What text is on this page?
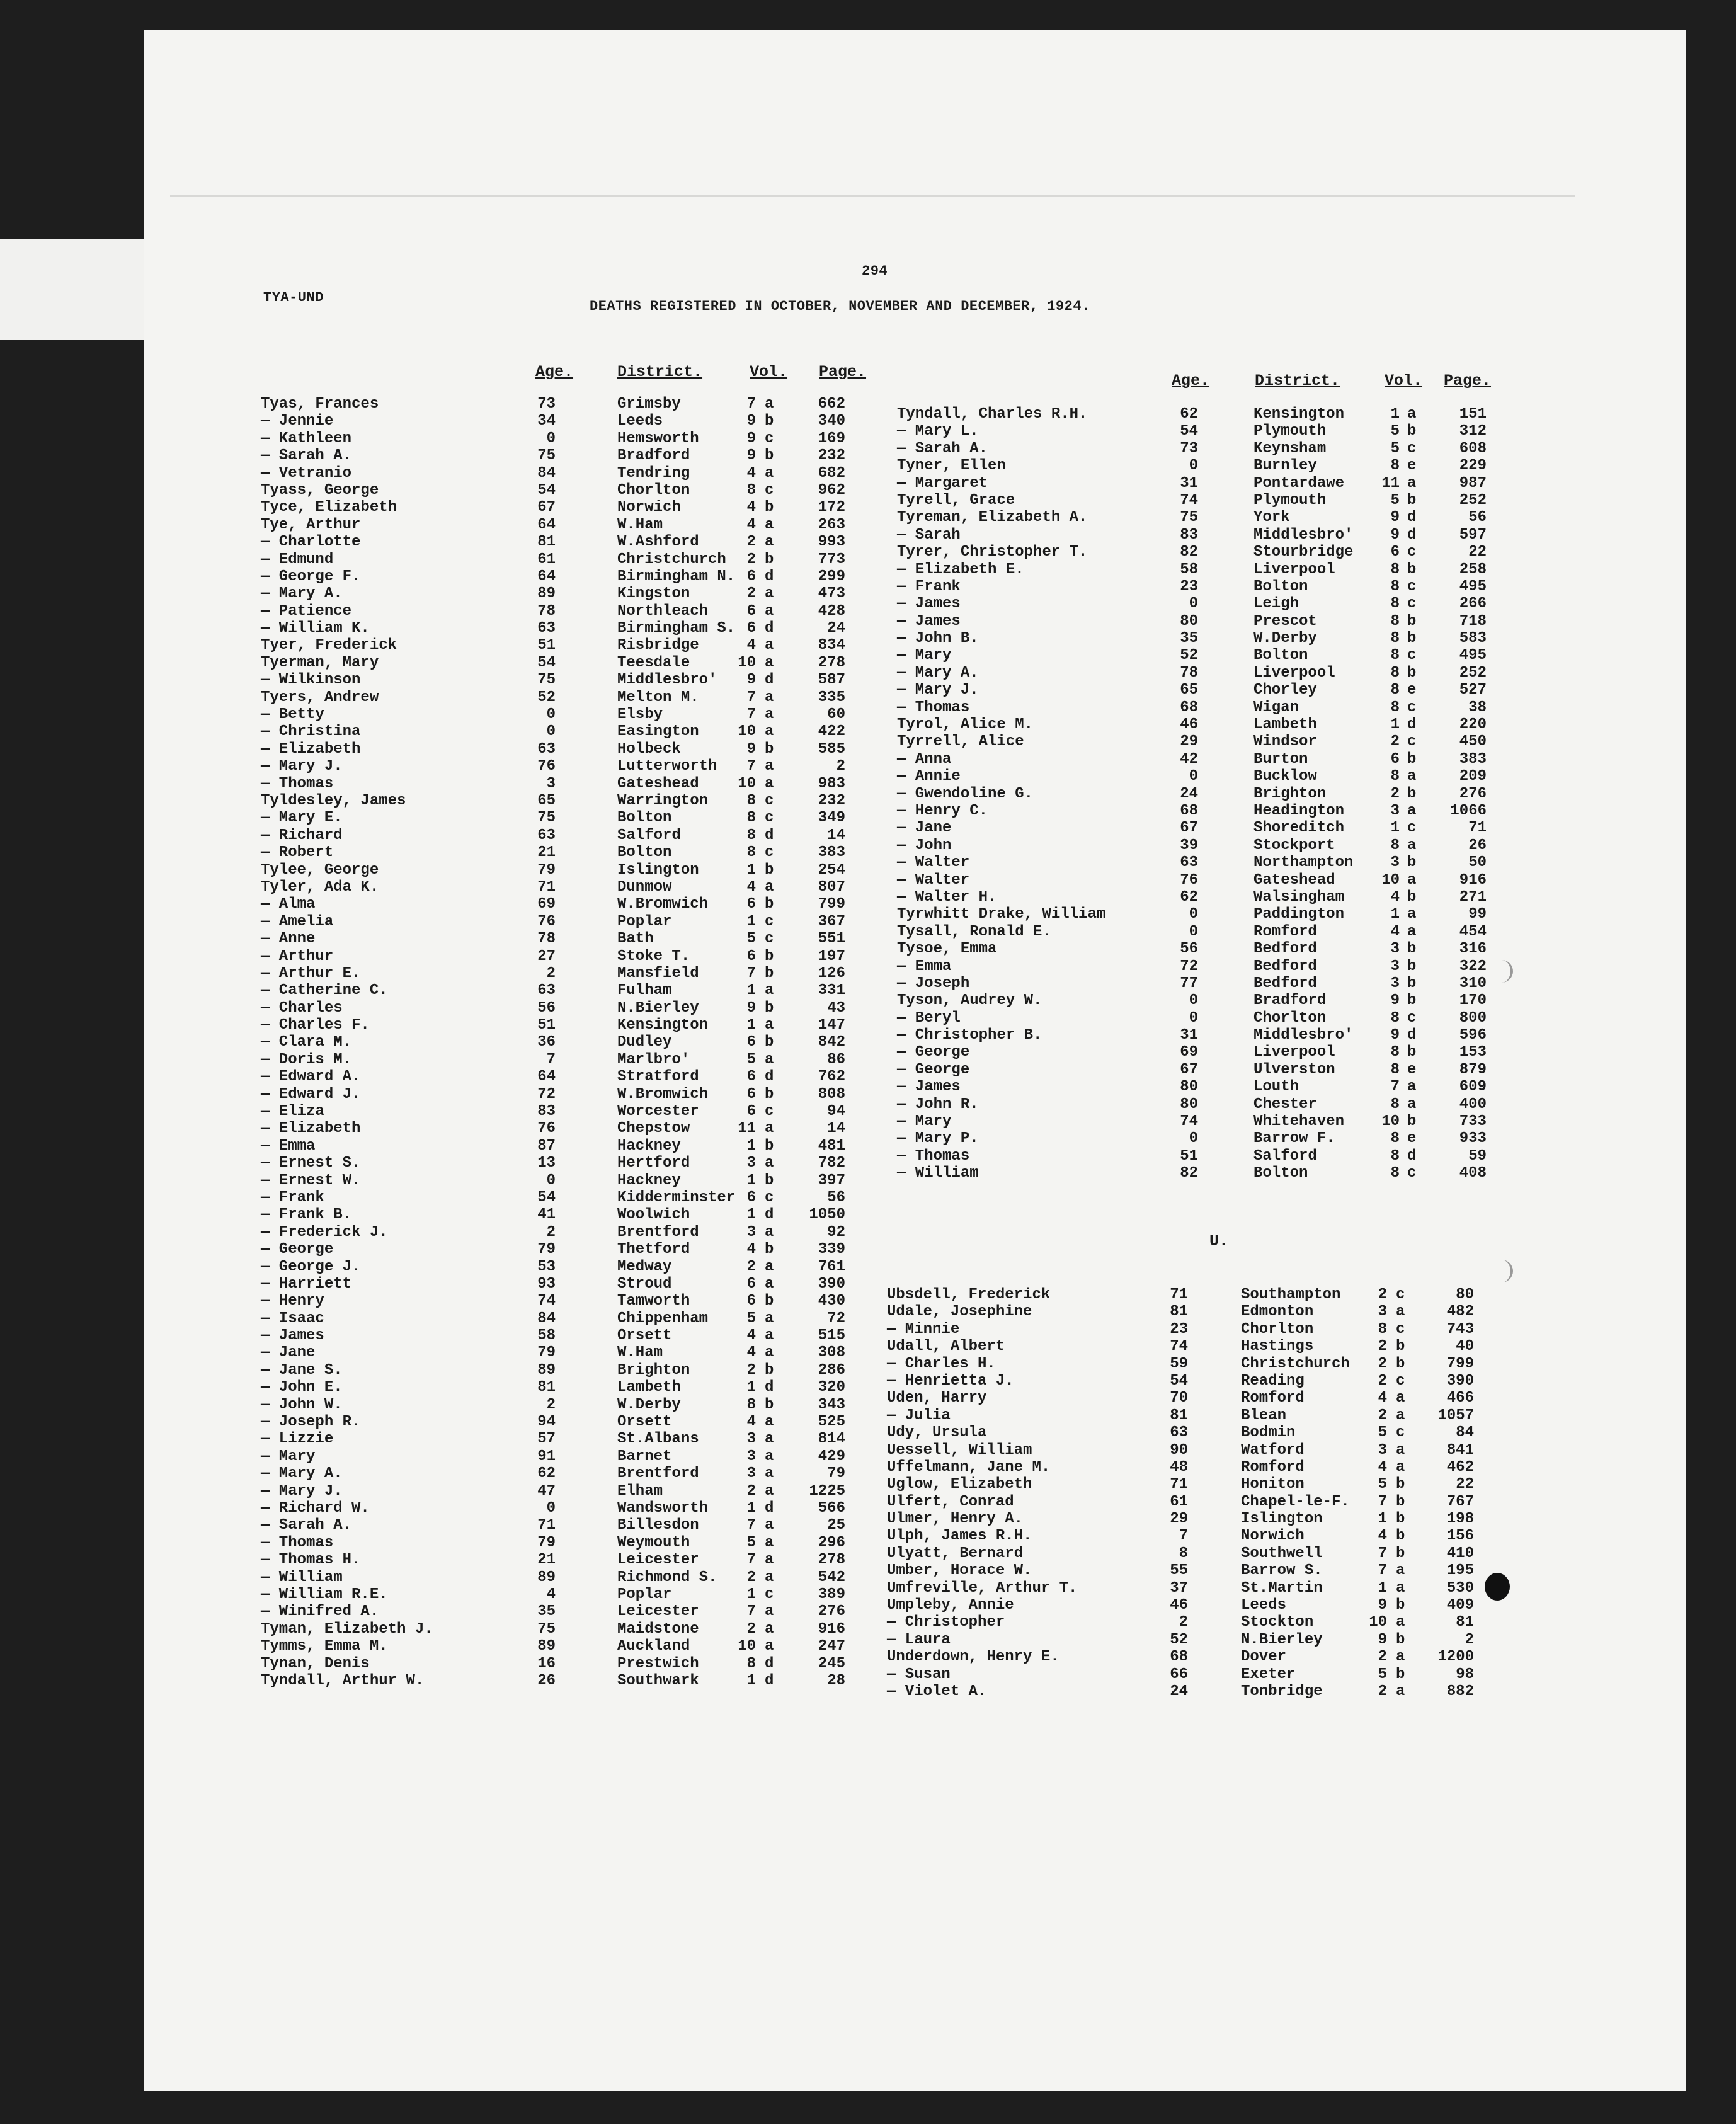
294
TYA-UND
DEATHS REGISTERED IN OCTOBER, NOVEMBER AND DECEMBER, 1924.
Age.	District.	Vol. Page.	Age.	District.	Vol. Page.
Tyas, Frances	73	Grimsby	7 a	662
— Jennie	34	Leeds	9 b	340
— Kathleen	0	Hemsworth	9 c	169
— Sarah A.	75	Bradford	9 b	232
— Vetranio	84	Tendring	4 a	682
Tyass, George	54	Chorlton	8 c	962
Tyce, Elizabeth	67	Norwich	4 b	172
Tye, Arthur	64	W.Ham	4 a	263
— Charlotte	81	W.Ashford	2 a	993
— Edmund	61	Christchurch	2 b	773
— George F.	64	Birmingham N. 6 d	299
— Mary A.	89	Kingston	2 a	473
— Patience	78	Northleach	6 a	428
— William K.	63	Birmingham S. 6 d	24
Tyer, Frederick	51	Risbridge	4 a	834
Tyerman, Mary	54	Teesdale	10 a	278
— Wilkinson	75	Middlesbro'	9 d	587
Tyers, Andrew	52	Melton M.	7 a	335
— Betty	0	Elsby	7 a	60
— Christina	0	Easington	10 a	422
— Elizabeth	63	Holbeck	9 b	585
— Mary J.	76	Lutterworth	7 a	2
— Thomas	3	Gateshead	10 a	983
Tyldesley, James	65	Warrington	8 c	232
— Mary E.	75	Bolton	8 c	349
— Richard	63	Salford	8 d	14
— Robert	21	Bolton	8 c	383
Tylee, George	79	Islington	1 b	254
Tyler, Ada K.	71	Dunmow	4 a	807
— Alma	69	W.Bromwich	6 b	799
— Amelia	76	Poplar	1 c	367
— Anne	78	Bath	5 c	551
— Arthur	27	Stoke T.	6 b	197
— Arthur E.	2	Mansfield	7 b	126
— Catherine C.	63	Fulham	1 a	331
— Charles	56	N.Bierley	9 b	43
— Charles F.	51	Kensington	1 a	147
— Clara M.	36	Dudley	6 b	842
— Doris M.	7	Marlbro'	5 a	86
— Edward A.	64	Stratford	6 d	762
— Edward J.	72	W.Bromwich	6 b	808
— Eliza	83	Worcester	6 c	94
— Elizabeth	76	Chepstow	11 a	14
— Emma	87	Hackney	1 b	481
— Ernest S.	13	Hertford	3 a	782
— Ernest W.	0	Hackney	1 b	397
— Frank	54	Kidderminster 6 c	56
— Frank B.	41	Woolwich	1 d	1050
— Frederick J.	2	Brentford	3 a	92
— George	79	Thetford	4 b	339
— George J.	53	Medway	2 a	761
— Harriett	93	Stroud	6 a	390
— Henry	74	Tamworth	6 b	430
— Isaac	84	Chippenham	5 a	72
— James	58	Orsett	4 a	515
— Jane	79	W.Ham	4 a	308
— Jane S.	89	Brighton	2 b	286
— John E.	81	Lambeth	1 d	320
— John W.	2	W.Derby	8 b	343
— Joseph R.	94	Orsett	4 a	525
— Lizzie	57	St.Albans	3 a	814
— Mary	91	Barnet	3 a	429
— Mary A.	62	Brentford	3 a	79
— Mary J.	47	Elham	2 a	1225
— Richard W.	0	Wandsworth	1 d	566
— Sarah A.	71	Billesdon	7 a	25
— Thomas	79	Weymouth	5 a	296
— Thomas H.	21	Leicester	7 a	278
— William	89	Richmond S.	2 a	542
— William R.E.	4	Poplar	1 c	389
— Winifred A.	35	Leicester	7 a	276
Tyman, Elizabeth J.	75	Maidstone	2 a	916
Tymms, Emma M.	89	Auckland	10 a	247
Tynan, Denis	16	Prestwich	8 d	245
Tyndall, Arthur W.	26	Southwark	1 d	28
Tyndall, Charles R.H.	62	Kensington	1 a	151
— Mary L.	54	Plymouth	5 b	312
— Sarah A.	73	Keynsham	5 c	608
Tyner, Ellen	0	Burnley	8 e	229
— Margaret	31	Pontardawe	11 a	987
Tyrell, Grace	74	Plymouth	5 b	252
Tyreman, Elizabeth A.	75	York	9 d	56
— Sarah	83	Middlesbro'	9 d	597
Tyrer, Christopher T.	82	Stourbridge	6 c	22
— Elizabeth E.	58	Liverpool	8 b	258
— Frank	23	Bolton	8 c	495
— James	0	Leigh	8 c	266
— James	80	Prescot	8 b	718
— John B.	35	W.Derby	8 b	583
— Mary	52	Bolton	8 c	495
— Mary A.	78	Liverpool	8 b	252
— Mary J.	65	Chorley	8 e	527
— Thomas	68	Wigan	8 c	38
Tyrol, Alice M.	46	Lambeth	1 d	220
Tyrrell, Alice	29	Windsor	2 c	450
— Anna	42	Burton	6 b	383
— Annie	0	Bucklow	8 a	209
— Gwendoline G.	24	Brighton	2 b	276
— Henry C.	68	Headington	3 a	1066
— Jane	67	Shoreditch	1 c	71
— John	39	Stockport	8 a	26
— Walter	63	Northampton	3 b	50
— Walter	76	Gateshead	10 a	916
— Walter H.	62	Walsingham	4 b	271
Tyrwhitt Drake, William	0	Paddington	1 a	99
Tysall, Ronald E.	0	Romford	4 a	454
Tysoe, Emma	56	Bedford	3 b	316
— Emma	72	Bedford	3 b	322
— Joseph	77	Bedford	3 b	310
Tyson, Audrey W.	0	Bradford	9 b	170
— Beryl	0	Chorlton	8 c	800
— Christopher B.	31	Middlesbro'	9 d	596
— George	69	Liverpool	8 b	153
— George	67	Ulverston	8 e	879
— James	80	Louth	7 a	609
— John R.	80	Chester	8 a	400
— Mary	74	Whitehaven	10 b	733
— Mary P.	0	Barrow F.	8 e	933
— Thomas	51	Salford	8 d	59
— William	82	Bolton	8 c	408
U.
Ubsdell, Frederick	71	Southampton	2 c	80
Udale, Josephine	81	Edmonton	3 a	482
— Minnie	23	Chorlton	8 c	743
Udall, Albert	74	Hastings	2 b	40
— Charles H.	59	Christchurch	2 b	799
— Henrietta J.	54	Reading	2 c	390
Uden, Harry	70	Romford	4 a	466
— Julia	81	Blean	2 a	1057
Udy, Ursula	63	Bodmin	5 c	84
Uessell, William	90	Watford	3 a	841
Uffelmann, Jane M.	48	Romford	4 a	462
Uglow, Elizabeth	71	Honiton	5 b	22
Ulfert, Conrad	61	Chapel-le-F.	7 b	767
Ulmer, Henry A.	29	Islington	1 b	198
Ulph, James R.H.	7	Norwich	4 b	156
Ulyatt, Bernard	8	Southwell	7 b	410
Umber, Horace W.	55	Barrow S.	7 a	195
Umfreville, Arthur T.	37	St.Martin	1 a	530
Umpleby, Annie	46	Leeds	9 b	409
— Christopher	2	Stockton	10 a	81
— Laura	52	N.Bierley	9 b	2
Underdown, Henry E.	68	Dover	2 a	1200
— Susan	66	Exeter	5 b	98
— Violet A.	24	Tonbridge	2 a	882
